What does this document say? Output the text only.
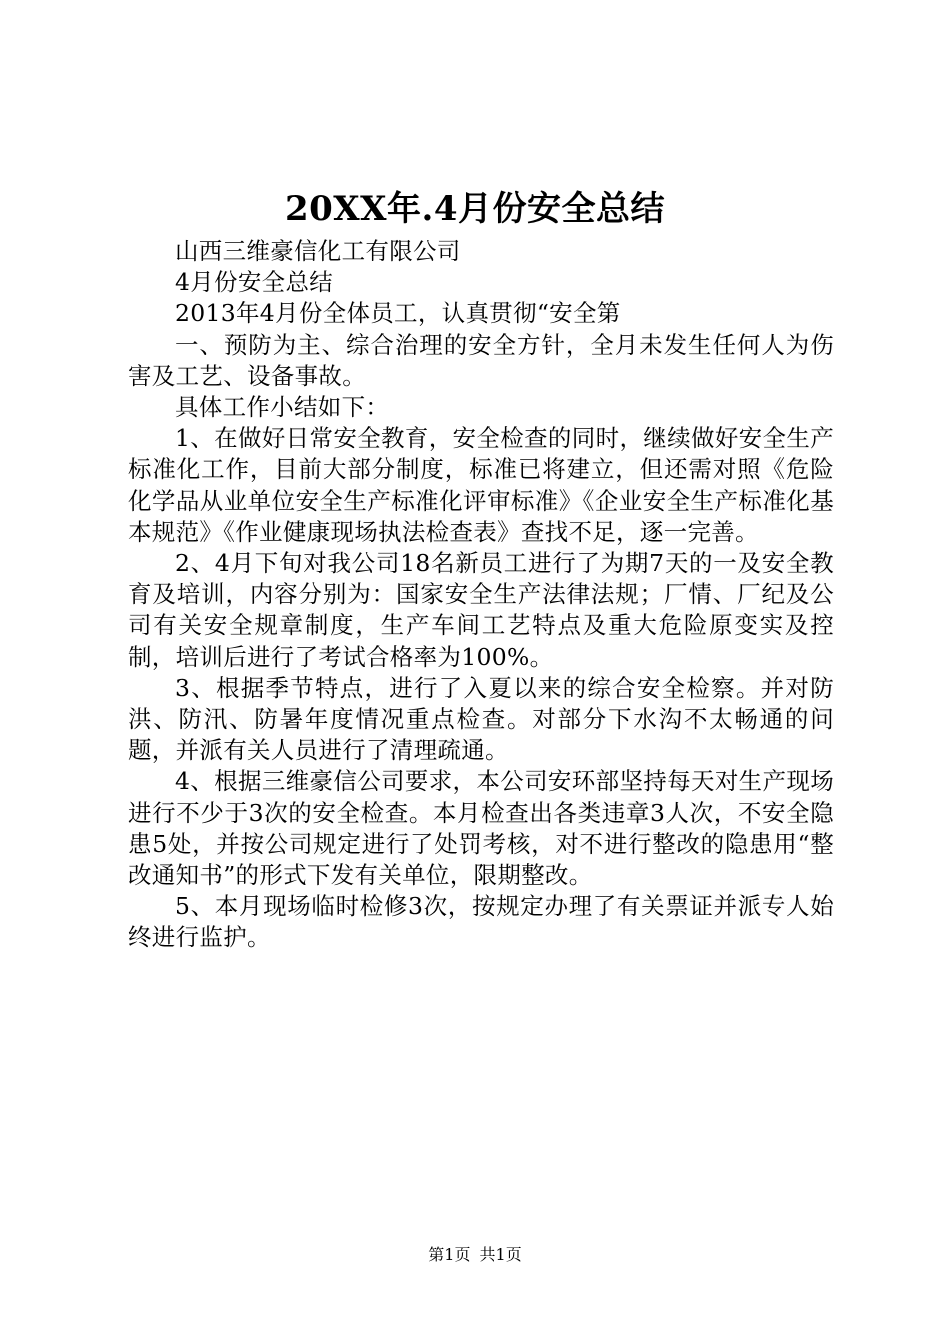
20XX年.4月份安全总结

山西三维豪信化工有限公司

4月份安全总结

2013年4月份全体员工，认真贯彻“安全第

一、预防为主、综合治理的安全方针，全月未发生任何人为伤害及工艺、设备事故。

具体工作小结如下：

1、在做好日常安全教育，安全检查的同时，继续做好安全生产标准化工作，目前大部分制度，标准已将建立，但还需对照《危险化学品从业单位安全生产标准化评审标准》《企业安全生产标准化基本规范》《作业健康现场执法检查表》查找不足，逐一完善。

2、4月下旬对我公司18名新员工进行了为期7天的一及安全教育及培训，内容分别为：国家安全生产法律法规；厂情、厂纪及公司有关安全规章制度，生产车间工艺特点及重大危险原变实及控制，培训后进行了考试合格率为100%。

3、根据季节特点，进行了入夏以来的综合安全检察。并对防洪、防汛、防暑年度情况重点检查。对部分下水沟不太畅通的问题，并派有关人员进行了清理疏通。

4、根据三维豪信公司要求，本公司安环部坚持每天对生产现场进行不少于3次的安全检查。本月检查出各类违章3人次，不安全隐患5处，并按公司规定进行了处罚考核，对不进行整改的隐患用“整改通知书”的形式下发有关单位，限期整改。

5、本月现场临时检修3次，按规定办理了有关票证并派专人始终进行监护。

第1页 共1页
